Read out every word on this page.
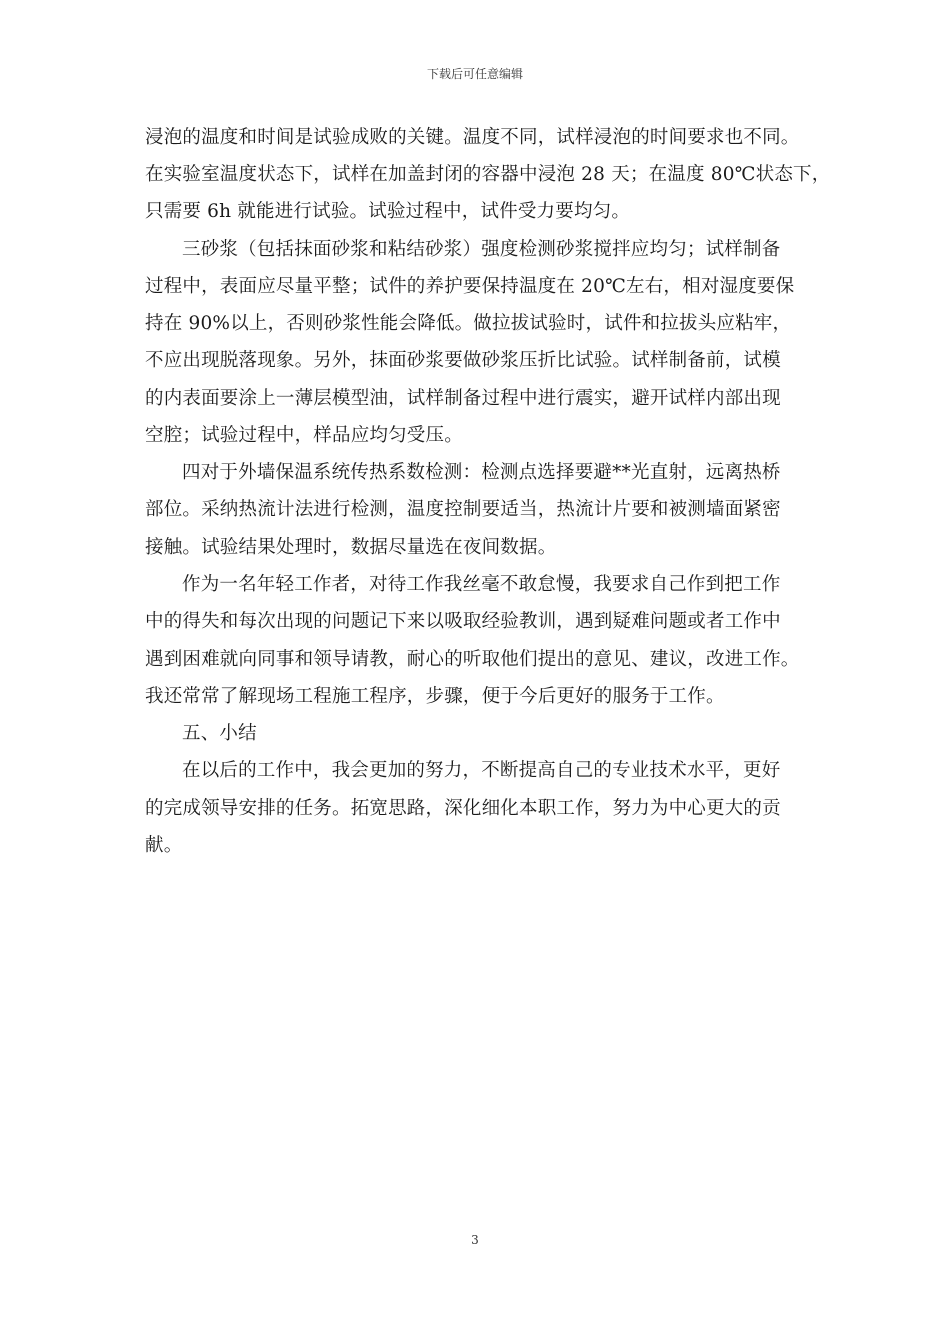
下载后可任意编辑
浸泡的温度和时间是试验成败的关键。温度不同，试样浸泡的时间要求也不同。
在实验室温度状态下，试样在加盖封闭的容器中浸泡 28 天；在温度 80℃状态下，
只需要 6h 就能进行试验。试验过程中，试件受力要均匀。
三砂浆（包括抹面砂浆和粘结砂浆）强度检测砂浆搅拌应均匀；试样制备
过程中，表面应尽量平整；试件的养护要保持温度在 20℃左右，相对湿度要保
持在 90%以上，否则砂浆性能会降低。做拉拔试验时，试件和拉拔头应粘牢，
不应出现脱落现象。另外，抹面砂浆要做砂浆压折比试验。试样制备前，试模
的内表面要涂上一薄层模型油，试样制备过程中进行震实，避开试样内部出现
空腔；试验过程中，样品应均匀受压。
四对于外墙保温系统传热系数检测：检测点选择要避**光直射，远离热桥
部位。采纳热流计法进行检测，温度控制要适当，热流计片要和被测墙面紧密
接触。试验结果处理时，数据尽量选在夜间数据。
作为一名年轻工作者，对待工作我丝毫不敢怠慢，我要求自己作到把工作
中的得失和每次出现的问题记下来以吸取经验教训，遇到疑难问题或者工作中
遇到困难就向同事和领导请教，耐心的听取他们提出的意见、建议，改进工作。
我还常常了解现场工程施工程序，步骤，便于今后更好的服务于工作。
五、小结
在以后的工作中，我会更加的努力，不断提高自己的专业技术水平，更好
的完成领导安排的任务。拓宽思路，深化细化本职工作，努力为中心更大的贡
献。
3
